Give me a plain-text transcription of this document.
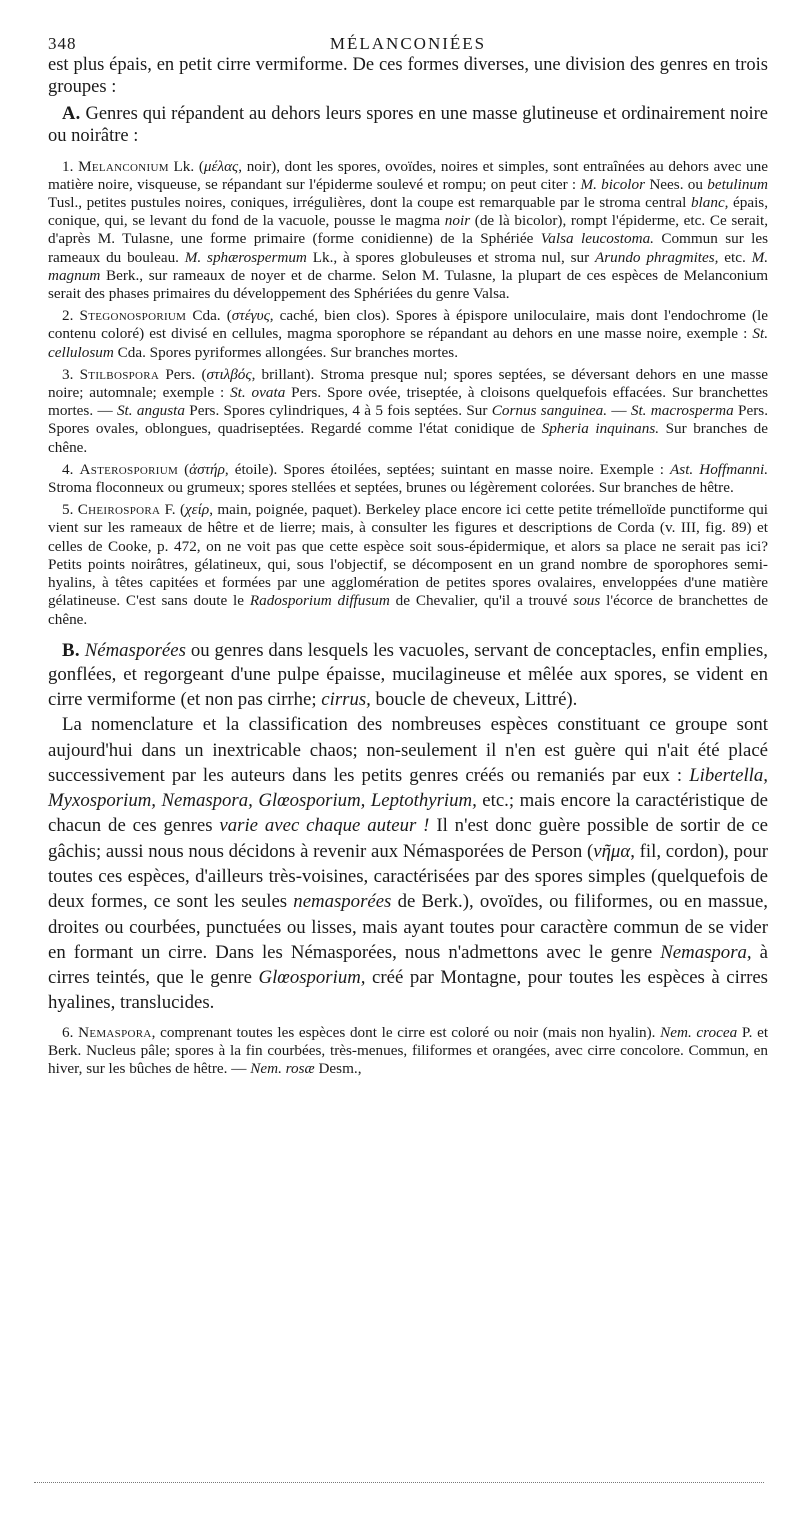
348	MÉLANCONIÉES

est plus épais, en petit cirre vermiforme. De ces formes diverses, une division des genres en trois groupes :

A. Genres qui répandent au dehors leurs spores en une masse glutineuse et ordinairement noire ou noirâtre :

1. Melanconium Lk. (μέλας, noir), dont les spores, ovoïdes, noires et simples, sont entraînées au dehors avec une matière noire, visqueuse, se répandant sur l'épiderme soulevé et rompu; on peut citer : M. bicolor Nees. ou betulinum Tusl., petites pustules noires, coniques, irrégulières, dont la coupe est remarquable par le stroma central blanc, épais, conique, qui, se levant du fond de la vacuole, pousse le magma noir (de là bicolor), rompt l'épiderme, etc. Ce serait, d'après M. Tulasne, une forme primaire (forme conidienne) de la Sphériée Valsa leucostoma. Commun sur les rameaux du bouleau. M. sphærospermum Lk., à spores globuleuses et stroma nul, sur Arundo phragmites, etc. M. magnum Berk., sur rameaux de noyer et de charme. Selon M. Tulasne, la plupart de ces espèces de Melanconium serait des phases primaires du développement des Sphériées du genre Valsa.

2. Stegonosporium Cda. (στέγυς, caché, bien clos). Spores à épispore uniloculaire, mais dont l'endochrome (le contenu coloré) est divisé en cellules, magma sporophore se répandant au dehors en une masse noire, exemple : St. cellulosum Cda. Spores pyriformes allongées. Sur branches mortes.

3. Stilbospora Pers. (στιλβός, brillant). Stroma presque nul; spores septées, se déversant dehors en une masse noire; automnale; exemple : St. ovata Pers. Spore ovée, triseptée, à cloisons quelquefois effacées. Sur branchettes mortes. — St. angusta Pers. Spores cylindriques, 4 à 5 fois septées. Sur Cornus sanguinea. — St. macrosperma Pers. Spores ovales, oblongues, quadriseptées. Regardé comme l'état conidique de Spheria inquinans. Sur branches de chêne.

4. Asterosporium (ἀστήρ, étoile). Spores étoilées, septées; suintant en masse noire. Exemple : Ast. Hoffmanni. Stroma floconneux ou grumeux; spores stellées et septées, brunes ou légèrement colorées. Sur branches de hêtre.

5. Cheirospora F. (χείρ, main, poignée, paquet). Berkeley place encore ici cette petite trémelloïde punctiforme qui vient sur les rameaux de hêtre et de lierre; mais, à consulter les figures et descriptions de Corda (v. III, fig. 89) et celles de Cooke, p. 472, on ne voit pas que cette espèce soit sous-épidermique, et alors sa place ne serait pas ici? Petits points noirâtres, gélatineux, qui, sous l'objectif, se décomposent en un grand nombre de sporophores semi-hyalins, à têtes capitées et formées par une agglomération de petites spores ovalaires, enveloppées d'une matière gélatineuse. C'est sans doute le Radosporium diffusum de Chevalier, qu'il a trouvé sous l'écorce de branchettes de chêne.

B. Némasporées ou genres dans lesquels les vacuoles, servant de conceptacles, enfin emplies, gonflées, et regorgeant d'une pulpe épaisse, mucilagineuse et mêlée aux spores, se vident en cirre vermiforme (et non pas cirrhe; cirrus, boucle de cheveux, Littré).

La nomenclature et la classification des nombreuses espèces constituant ce groupe sont aujourd'hui dans un inextricable chaos; non-seulement il n'en est guère qui n'ait été placé successivement par les auteurs dans les petits genres créés ou remaniés par eux : Libertella, Myxosporium, Nemaspora, Glœosporium, Leptothyrium, etc.; mais encore la caractéristique de chacun de ces genres varie avec chaque auteur ! Il n'est donc guère possible de sortir de ce gâchis; aussi nous nous décidons à revenir aux Némasporées de Person (νῆμα, fil, cordon), pour toutes ces espèces, d'ailleurs très-voisines, caractérisées par des spores simples (quelquefois de deux formes, ce sont les seules nemasporées de Berk.), ovoïdes, ou filiformes, ou en massue, droites ou courbées, punctuées ou lisses, mais ayant toutes pour caractère commun de se vider en formant un cirre. Dans les Némasporées, nous n'admettons avec le genre Nemaspora, à cirres teintés, que le genre Glœosporium, créé par Montagne, pour toutes les espèces à cirres hyalines, translucides.

6. Nemaspora, comprenant toutes les espèces dont le cirre est coloré ou noir (mais non hyalin). Nem. crocea P. et Berk. Nucleus pâle; spores à la fin courbées, très-menues, filiformes et orangées, avec cirre concolore. Commun, en hiver, sur les bûches de hêtre. — Nem. rosæ Desm.,
